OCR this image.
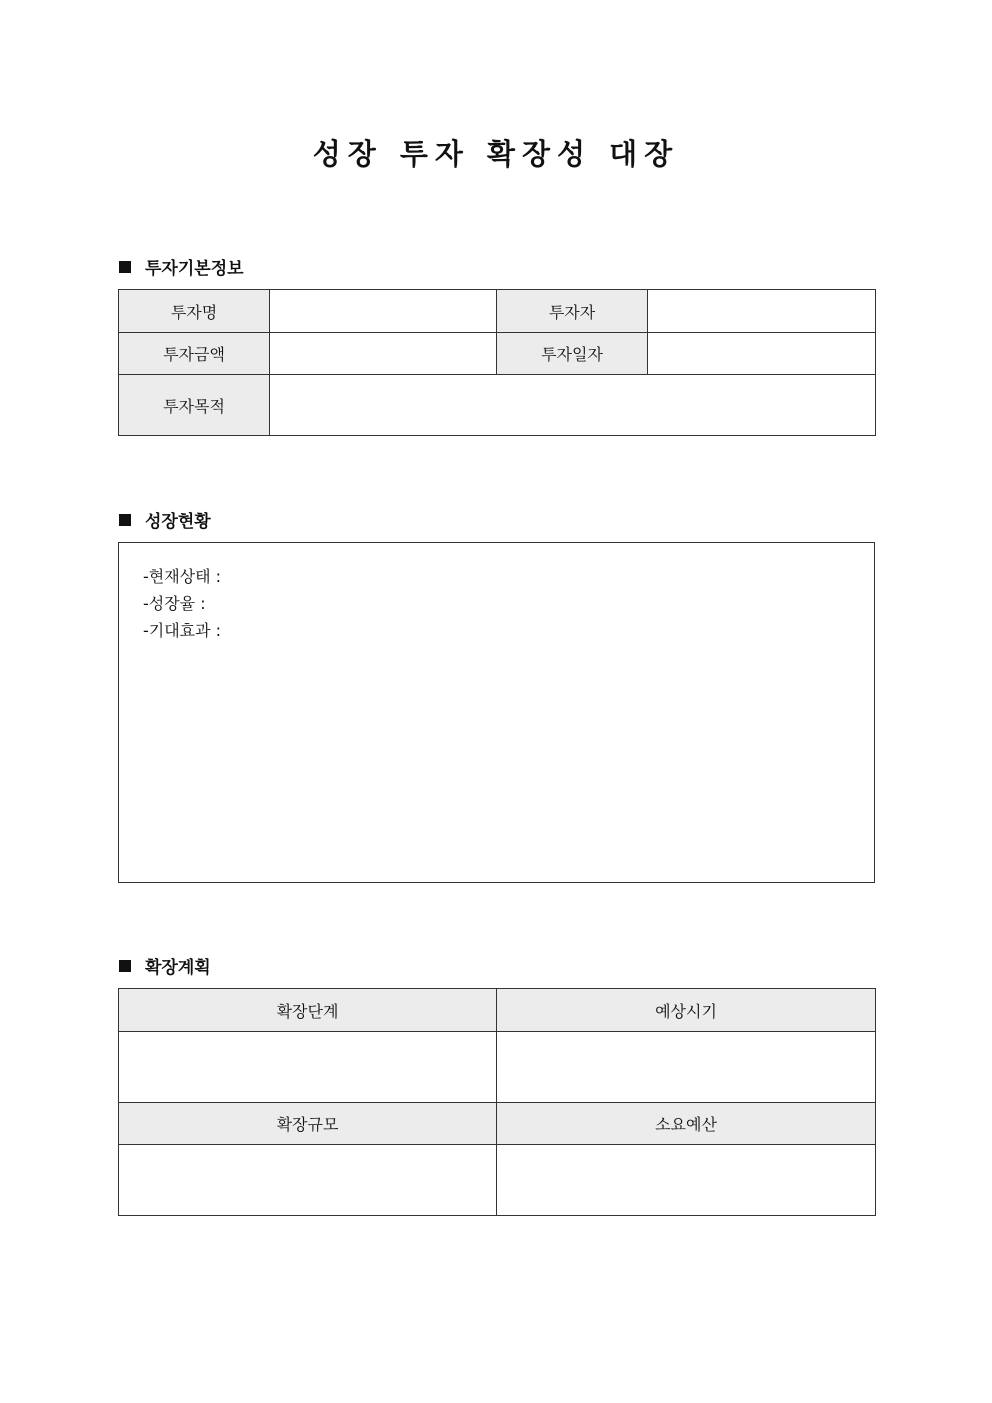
성장 투자 확장성 대장
투자기본정보
투자명		투자자	
투자금액		투자일자	
투자목적			
성장현황
-현재상태 :
-성장율 :
-기대효과 :
확장계획
확장단계	예상시기

확장규모	소요예산
